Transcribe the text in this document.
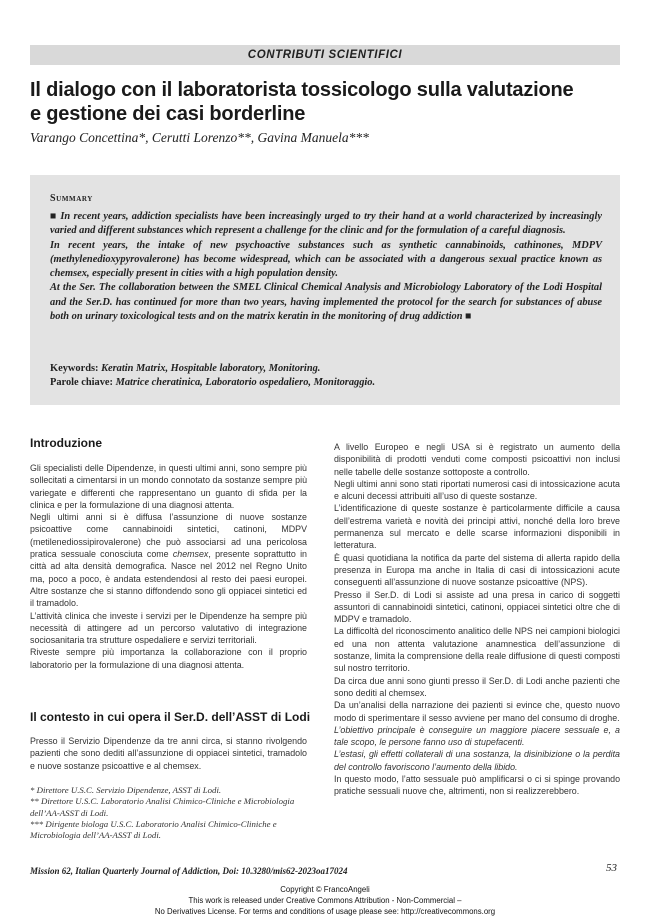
CONTRIBUTI SCIENTIFICI
Il dialogo con il laboratorista tossicologo sulla valutazione
e gestione dei casi borderline
Varango Concettina*, Cerutti Lorenzo**, Gavina Manuela***
Summary

■ In recent years, addiction specialists have been increasingly urged to try their hand at a world characterized by increasingly varied and different substances which represent a challenge for the clinic and for the formulation of a careful diagnosis.

In recent years, the intake of new psychoactive substances such as synthetic cannabinoids, cathinones, MDPV (methylenedioxypyrovalerone) has become widespread, which can be associated with a dangerous sexual practice known as chemsex, especially present in cities with a high population density.

At the Ser. The collaboration between the SMEL Clinical Chemical Analysis and Microbiology Laboratory of the Lodi Hospital and the Ser.D. has continued for more than two years, having implemented the protocol for the search for substances of abuse both on urinary toxicological tests and on the matrix keratin in the monitoring of drug addiction ■

Keywords: Keratin Matrix, Hospitable laboratory, Monitoring.
Parole chiave: Matrice cheratinica, Laboratorio ospedaliero, Monitoraggio.
Introduzione

Gli specialisti delle Dipendenze, in questi ultimi anni, sono sempre più sollecitati a cimentarsi in un mondo connotato da sostanze sempre più variegate e differenti che rappresentano un guanto di sfida per la clinica e per la formulazione di una diagnosi attenta.

Negli ultimi anni si è diffusa l’assunzione di nuove sostanze psicoattive come cannabinoidi sintetici, catinoni, MDPV (metilenediossipirovalerone) che può associarsi ad una pericolosa pratica sessuale conosciuta come chemsex, presente soprattutto in città ad alta densità demografica. Nasce nel 2012 nel Regno Unito ma, poco a poco, è andata estendendosi al resto dei paesi europei. Altre sostanze che si stanno diffondendo sono gli oppiacei sintetici ed il tramadolo.

L’attività clinica che investe i servizi per le Dipendenze ha sempre più necessità di attingere ad un percorso valutativo di integrazione sociosanitaria tra strutture ospedaliere e servizi territoriali.

Riveste sempre più importanza la collaborazione con il proprio laboratorio per la formulazione di una diagnosi attenta.

Il contesto in cui opera il Ser.D. dell’ASST di Lodi

Presso il Servizio Dipendenze da tre anni circa, si stanno rivolgendo pazienti che sono dediti all’assunzione di oppiacei sintetici, tramadolo e nuove sostanze psicoattive e al chemsex.

* Direttore U.S.C. Servizio Dipendenze, ASST di Lodi.

** Direttore U.S.C. Laboratorio Analisi Chimico-Cliniche e Microbiologia dell’AA-ASST di Lodi.

*** Dirigente biologa U.S.C. Laboratorio Analisi Chimico-Cliniche e Microbiologia dell’AA-ASST di Lodi.

A livello Europeo e negli USA si è registrato un aumento della disponibilità di prodotti venduti come composti psicoattivi non inclusi nelle tabelle delle sostanze sottoposte a controllo.

Negli ultimi anni sono stati riportati numerosi casi di intossicazione acuta e alcuni decessi attribuiti all’uso di queste sostanze.

L’identificazione di queste sostanze è particolarmente difficile a causa dell’estrema varietà e novità dei principi attivi, nonché della loro breve permanenza sul mercato e delle scarse informazioni disponibili in letteratura.

È quasi quotidiana la notifica da parte del sistema di allerta rapido della presenza in Europa ma anche in Italia di casi di intossicazioni acute conseguenti all’assunzione di nuove sostanze psicoattive (NPS).

Presso il Ser.D. di Lodi si assiste ad una presa in carico di soggetti assuntori di cannabinoidi sintetici, catinoni, oppiacei sintetici oltre che di MDPV e tramadolo.

La difficoltà del riconoscimento analitico delle NPS nei campioni biologici ed una non attenta valutazione anamnestica dell’assunzione di sostanze, limita la comprensione della reale diffusione di questi composti sul nostro territorio.

Da circa due anni sono giunti presso il Ser.D. di Lodi anche pazienti che sono dediti al chemsex.

Da un’analisi della narrazione dei pazienti si evince che, questo nuovo modo di sperimentare il sesso avviene per mano del consumo di droghe.

L’obiettivo principale è conseguire un maggiore piacere sessuale e, a tale scopo, le persone fanno uso di stupefacenti.

L’estasi, gli effetti collaterali di una sostanza, la disinibizione o la perdita del controllo favoriscono l’aumento della libido.

In questo modo, l’atto sessuale può amplificarsi o ci si spinge provando pratiche sessuali nuove che, altrimenti, non si realizzerebbero.

Mission 62, Italian Quarterly Journal of Addiction, Doi: 10.3280/mis62-2023oa17024	53

Copyright © FrancoAngeli

This work is released under Creative Commons Attribution - Non-Commercial –

No Derivatives License. For terms and conditions of usage please see: http://creativecommons.org
